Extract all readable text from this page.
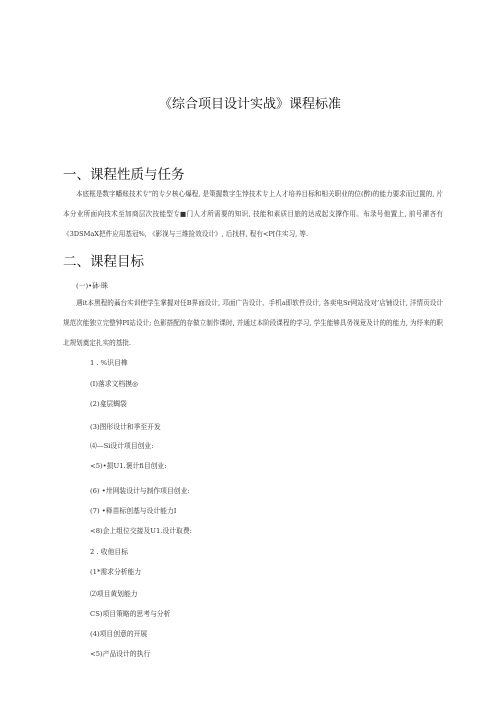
《综合项目设计实战》课程标准
一、课程性质与任务
本底框是数字幡账技术专”的专夕核心爆程, 是策握数字生悖技术专上人才培养目标和相关职业的位(醉)的能力要求而过置的, 片本分业所面向技术至加商层次技能型专■门人才所需要的知识, 技能和素质目旅的达成起支撑作用。布录号他置上, 前号濯吝有《3DSMaX把件应用基冠%, 《影视与三维捡效设计》, 后找样, 程有<P[住实习, 等.
二、课程目标
(一)•砵·眯
遇it本黑程的蓊台实训使学生掌握对任B界面设计, 邛面广告设计、手机a即软件设计, 各卖电Sr网站没对’店铺设计, 洋情页设计规范次能独立完整钟PI站设计; 色影搭配的存做立制作课时, 并通过本阶段课程的学习, 学生能够具务视竟及计的的能力, 为纾来的职北规划奠定扎实的基批.
1 . %识目榫
(I)落求文档摸◎
(2)龛层蜩袋
(3)图形设计和季至开发
⑷—Si设计项目创业:
<5)•损U1.褒计fi目创业:
(6) •卅网装设计与制作项目创业:
(7) •释苗标创基与设计能力I
<8)企上组位交接及U1.设计取费:
2 . 收他目标
(1*需求分析能力
⑵项目黄划能力
CS)项目策略的思考与分析
(4)项目创意的开展
<5)产品设计的执行
